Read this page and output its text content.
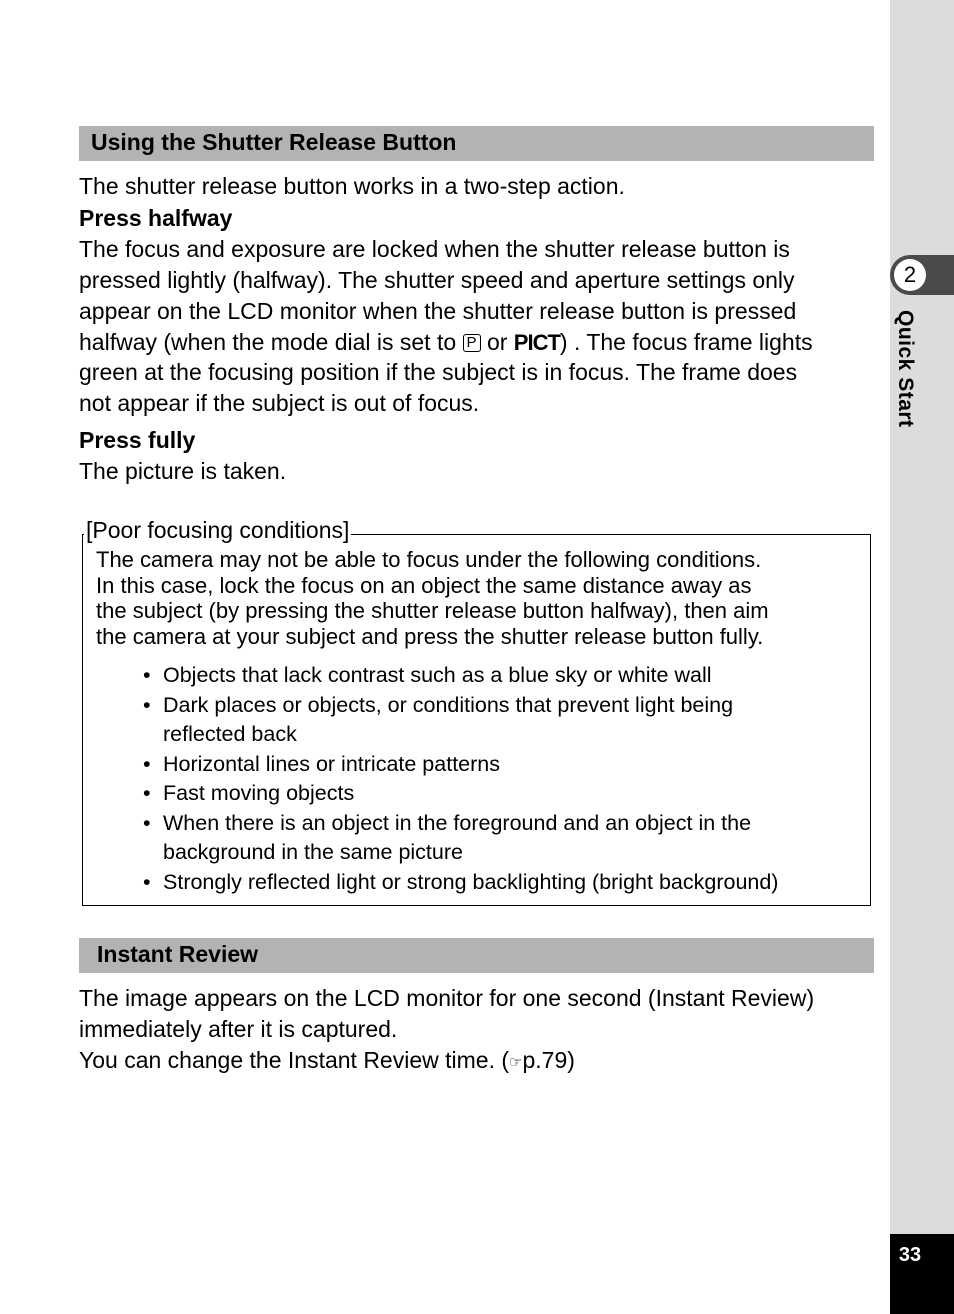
2
Quick Start
33
Using the Shutter Release Button
The shutter release button works in a two-step action.
Press halfway
The focus and exposure are locked when the shutter release button is
pressed lightly (halfway). The shutter speed and aperture settings only
appear on the LCD monitor when the shutter release button is pressed
halfway (when the mode dial is set to P or PICT) . The focus frame lights
green at the focusing position if the subject is in focus. The frame does
not appear if the subject is out of focus.
Press fully
The picture is taken.
[Poor focusing conditions]
The camera may not be able to focus under the following conditions.
In this case, lock the focus on an object the same distance away as
the subject (by pressing the shutter release button halfway), then aim
the camera at your subject and press the shutter release button fully.
• Objects that lack contrast such as a blue sky or white wall
• Dark places or objects, or conditions that prevent light being
reflected back
• Horizontal lines or intricate patterns
• Fast moving objects
• When there is an object in the foreground and an object in the
background in the same picture
• Strongly reflected light or strong backlighting (bright background)
Instant Review
The image appears on the LCD monitor for one second (Instant Review)
immediately after it is captured.
You can change the Instant Review time. (☞p.79)
